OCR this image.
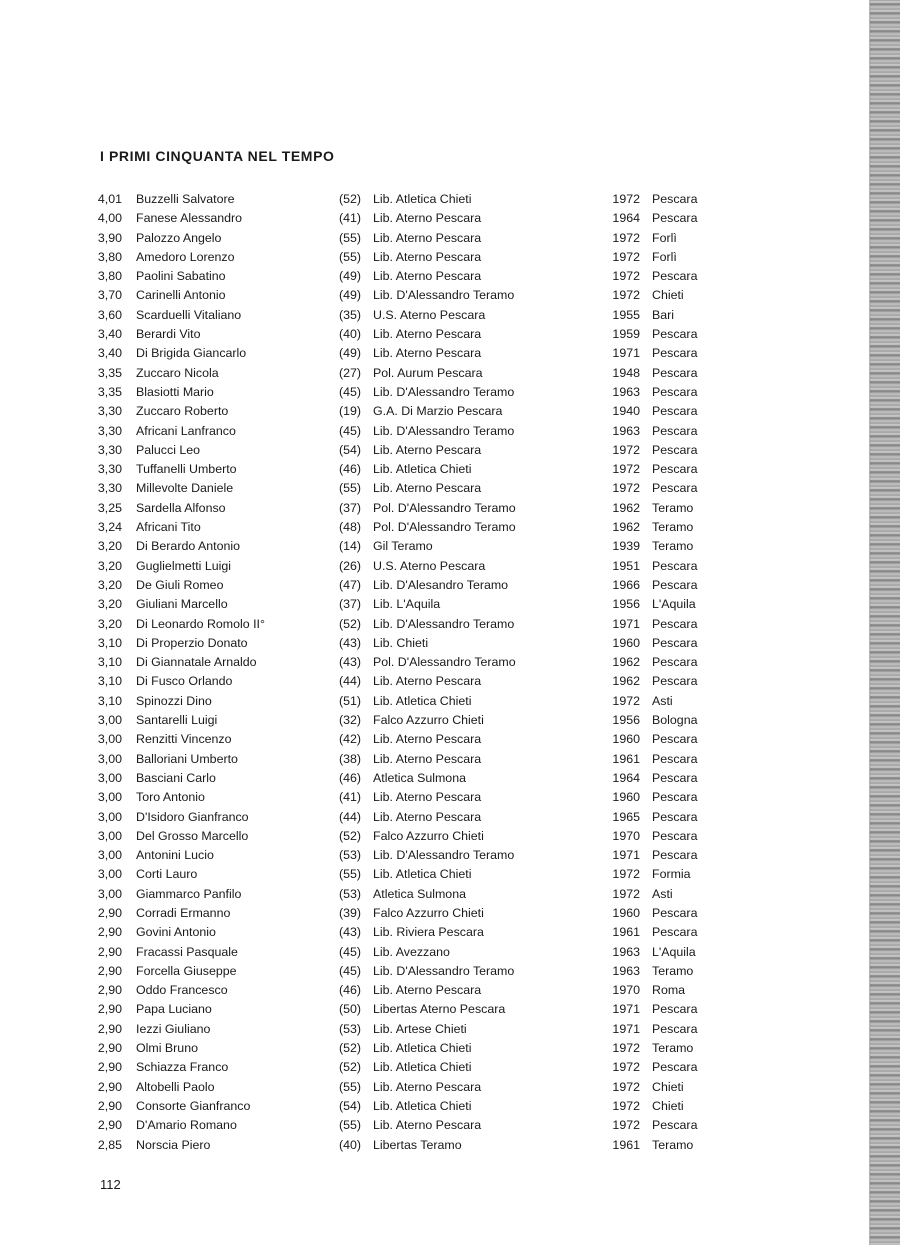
I PRIMI CINQUANTA NEL TEMPO
4,01 Buzzelli Salvatore	(52) Lib. Atletica Chieti	1972 Pescara
4,00 Fanese Alessandro	(41) Lib. Aterno Pescara	1964 Pescara
3,90 Palozzo Angelo	(55) Lib. Aterno Pescara	1972 Forlì
3,80 Amedoro Lorenzo	(55) Lib. Aterno Pescara	1972 Forlì
3,80 Paolini Sabatino	(49) Lib. Aterno Pescara	1972 Pescara
3,70 Carinelli Antonio	(49) Lib. D'Alessandro Teramo	1972 Chieti
3,60 Scarduelli Vitaliano	(35) U.S. Aterno Pescara	1955 Bari
3,40 Berardi Vito	(40) Lib. Aterno Pescara	1959 Pescara
3,40 Di Brigida Giancarlo	(49) Lib. Aterno Pescara	1971 Pescara
3,35 Zuccaro Nicola	(27) Pol. Aurum Pescara	1948 Pescara
3,35 Blasiotti Mario	(45) Lib. D'Alessandro Teramo	1963 Pescara
3,30 Zuccaro Roberto	(19) G.A. Di Marzio Pescara	1940 Pescara
3,30 Africani Lanfranco	(45) Lib. D'Alessandro Teramo	1963 Pescara
3,30 Palucci Leo	(54) Lib. Aterno Pescara	1972 Pescara
3,30 Tuffanelli Umberto	(46) Lib. Atletica Chieti	1972 Pescara
3,30 Millevolte Daniele	(55) Lib. Aterno Pescara	1972 Pescara
3,25 Sardella Alfonso	(37) Pol. D'Alessandro Teramo	1962 Teramo
3,24 Africani Tito	(48) Pol. D'Alessandro Teramo	1962 Teramo
3,20 Di Berardo Antonio	(14) Gil Teramo	1939 Teramo
3,20 Guglielmetti Luigi	(26) U.S. Aterno Pescara	1951 Pescara
3,20 De Giuli Romeo	(47) Lib. D'Alesandro Teramo	1966 Pescara
3,20 Giuliani Marcello	(37) Lib. L'Aquila	1956 L'Aquila
3,20 Di Leonardo Romolo II°	(52) Lib. D'Alessandro Teramo	1971 Pescara
3,10 Di Properzio Donato	(43) Lib. Chieti	1960 Pescara
3,10 Di Giannatale Arnaldo	(43) Pol. D'Alessandro Teramo	1962 Pescara
3,10 Di Fusco Orlando	(44) Lib. Aterno Pescara	1962 Pescara
3,10 Spinozzi Dino	(51) Lib. Atletica Chieti	1972 Asti
3,00 Santarelli Luigi	(32) Falco Azzurro Chieti	1956 Bologna
3,00 Renzitti Vincenzo	(42) Lib. Aterno Pescara	1960 Pescara
3,00 Balloriani Umberto	(38) Lib. Aterno Pescara	1961 Pescara
3,00 Basciani Carlo	(46) Atletica Sulmona	1964 Pescara
3,00 Toro Antonio	(41) Lib. Aterno Pescara	1960 Pescara
3,00 D'Isidoro Gianfranco	(44) Lib. Aterno Pescara	1965 Pescara
3,00 Del Grosso Marcello	(52) Falco Azzurro Chieti	1970 Pescara
3,00 Antonini Lucio	(53) Lib. D'Alessandro Teramo	1971 Pescara
3,00 Corti Lauro	(55) Lib. Atletica Chieti	1972 Formia
3,00 Giammarco Panfilo	(53) Atletica Sulmona	1972 Asti
2,90 Corradi Ermanno	(39) Falco Azzurro Chieti	1960 Pescara
2,90 Govini Antonio	(43) Lib. Riviera Pescara	1961 Pescara
2,90 Fracassi Pasquale	(45) Lib. Avezzano	1963 L'Aquila
2,90 Forcella Giuseppe	(45) Lib. D'Alessandro Teramo	1963 Teramo
2,90 Oddo Francesco	(46) Lib. Aterno Pescara	1970 Roma
2,90 Papa Luciano	(50) Libertas Aterno Pescara	1971 Pescara
2,90 Iezzi Giuliano	(53) Lib. Artese Chieti	1971 Pescara
2,90 Olmi Bruno	(52) Lib. Atletica Chieti	1972 Teramo
2,90 Schiazza Franco	(52) Lib. Atletica Chieti	1972 Pescara
2,90 Altobelli Paolo	(55) Lib. Aterno Pescara	1972 Chieti
2,90 Consorte Gianfranco	(54) Lib. Atletica Chieti	1972 Chieti
2,90 D'Amario Romano	(55) Lib. Aterno Pescara	1972 Pescara
2,85 Norscia Piero	(40) Libertas Teramo	1961 Teramo
112
